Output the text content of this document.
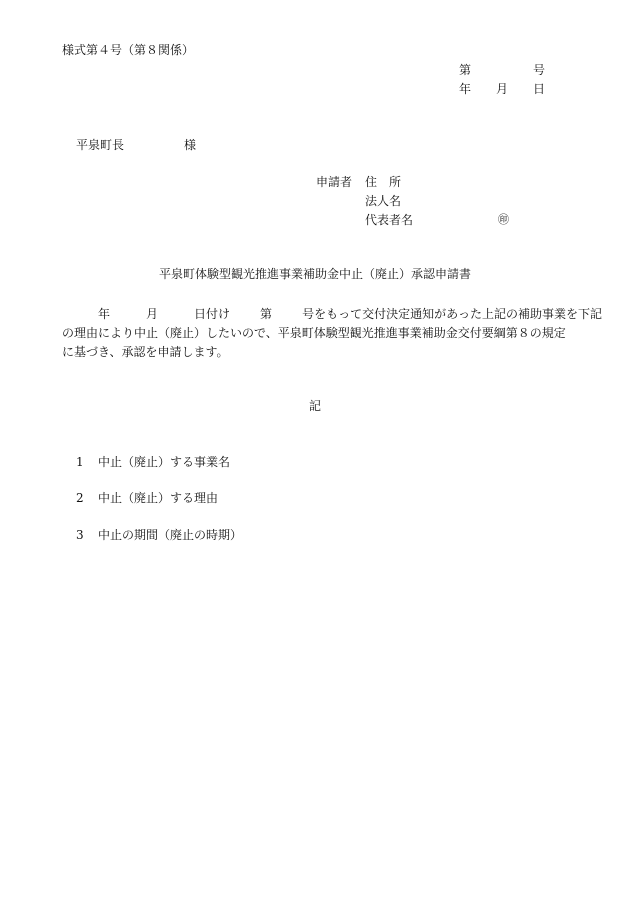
様式第４号（第８関係）
第	号
年 月 日
平泉町長	様
申請者 住　所
法人名
代表者名	㊞
平泉町体験型観光推進事業補助金中止（廃止）承認申請書
年	月	日付け	第	号をもって交付決定通知があった上記の補助事業を下記
の理由により中止（廃止）したいので、平泉町体験型観光推進事業補助金交付要綱第８の規定
に基づき、承認を申請します。
記
1 中止（廃止）する事業名
2 中止（廃止）する理由
3 中止の期間（廃止の時期）
